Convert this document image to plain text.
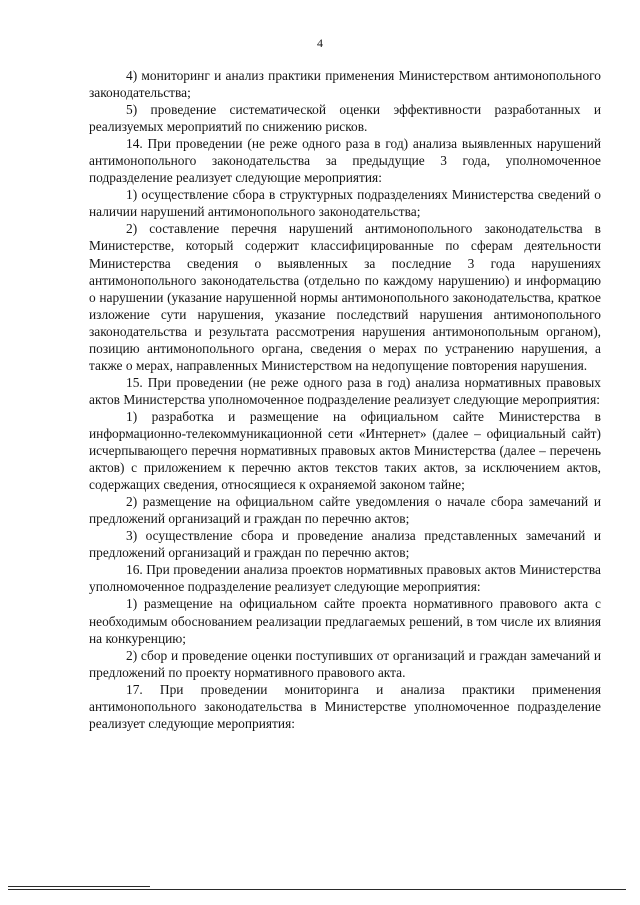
4

4) мониторинг и анализ практики применения Министерством антимонопольного законодательства;

5) проведение систематической оценки эффективности разработанных и реализуемых мероприятий по снижению рисков.

14. При проведении (не реже одного раза в год) анализа выявленных нарушений антимонопольного законодательства за предыдущие 3 года, уполномоченное подразделение реализует следующие мероприятия:

1) осуществление сбора в структурных подразделениях Министерства сведений о наличии нарушений антимонопольного законодательства;

2) составление перечня нарушений антимонопольного законодательства в Министерстве, который содержит классифицированные по сферам деятельности Министерства сведения о выявленных за последние 3 года нарушениях антимонопольного законодательства (отдельно по каждому нарушению) и информацию о нарушении (указание нарушенной нормы антимонопольного законодательства, краткое изложение сути нарушения, указание последствий нарушения антимонопольного законодательства и результата рассмотрения нарушения антимонопольным органом), позицию антимонопольного органа, сведения о мерах по устранению нарушения, а также о мерах, направленных Министерством на недопущение повторения нарушения.

15. При проведении (не реже одного раза в год) анализа нормативных правовых актов Министерства уполномоченное подразделение реализует следующие мероприятия:

1) разработка и размещение на официальном сайте Министерства в информационно-телекоммуникационной сети «Интернет» (далее – официальный сайт) исчерпывающего перечня нормативных правовых актов Министерства (далее – перечень актов) с приложением к перечню актов текстов таких актов, за исключением актов, содержащих сведения, относящиеся к охраняемой законом тайне;

2) размещение на официальном сайте уведомления о начале сбора замечаний и предложений организаций и граждан по перечню актов;

3) осуществление сбора и проведение анализа представленных замечаний и предложений организаций и граждан по перечню актов;

16. При проведении анализа проектов нормативных правовых актов Министерства уполномоченное подразделение реализует следующие мероприятия:

1) размещение на официальном сайте проекта нормативного правового акта с необходимым обоснованием реализации предлагаемых решений, в том числе их влияния на конкуренцию;

2) сбор и проведение оценки поступивших от организаций и граждан замечаний и предложений по проекту нормативного правового акта.

17. При проведении мониторинга и анализа практики применения антимонопольного законодательства в Министерстве уполномоченное подразделение реализует следующие мероприятия:
